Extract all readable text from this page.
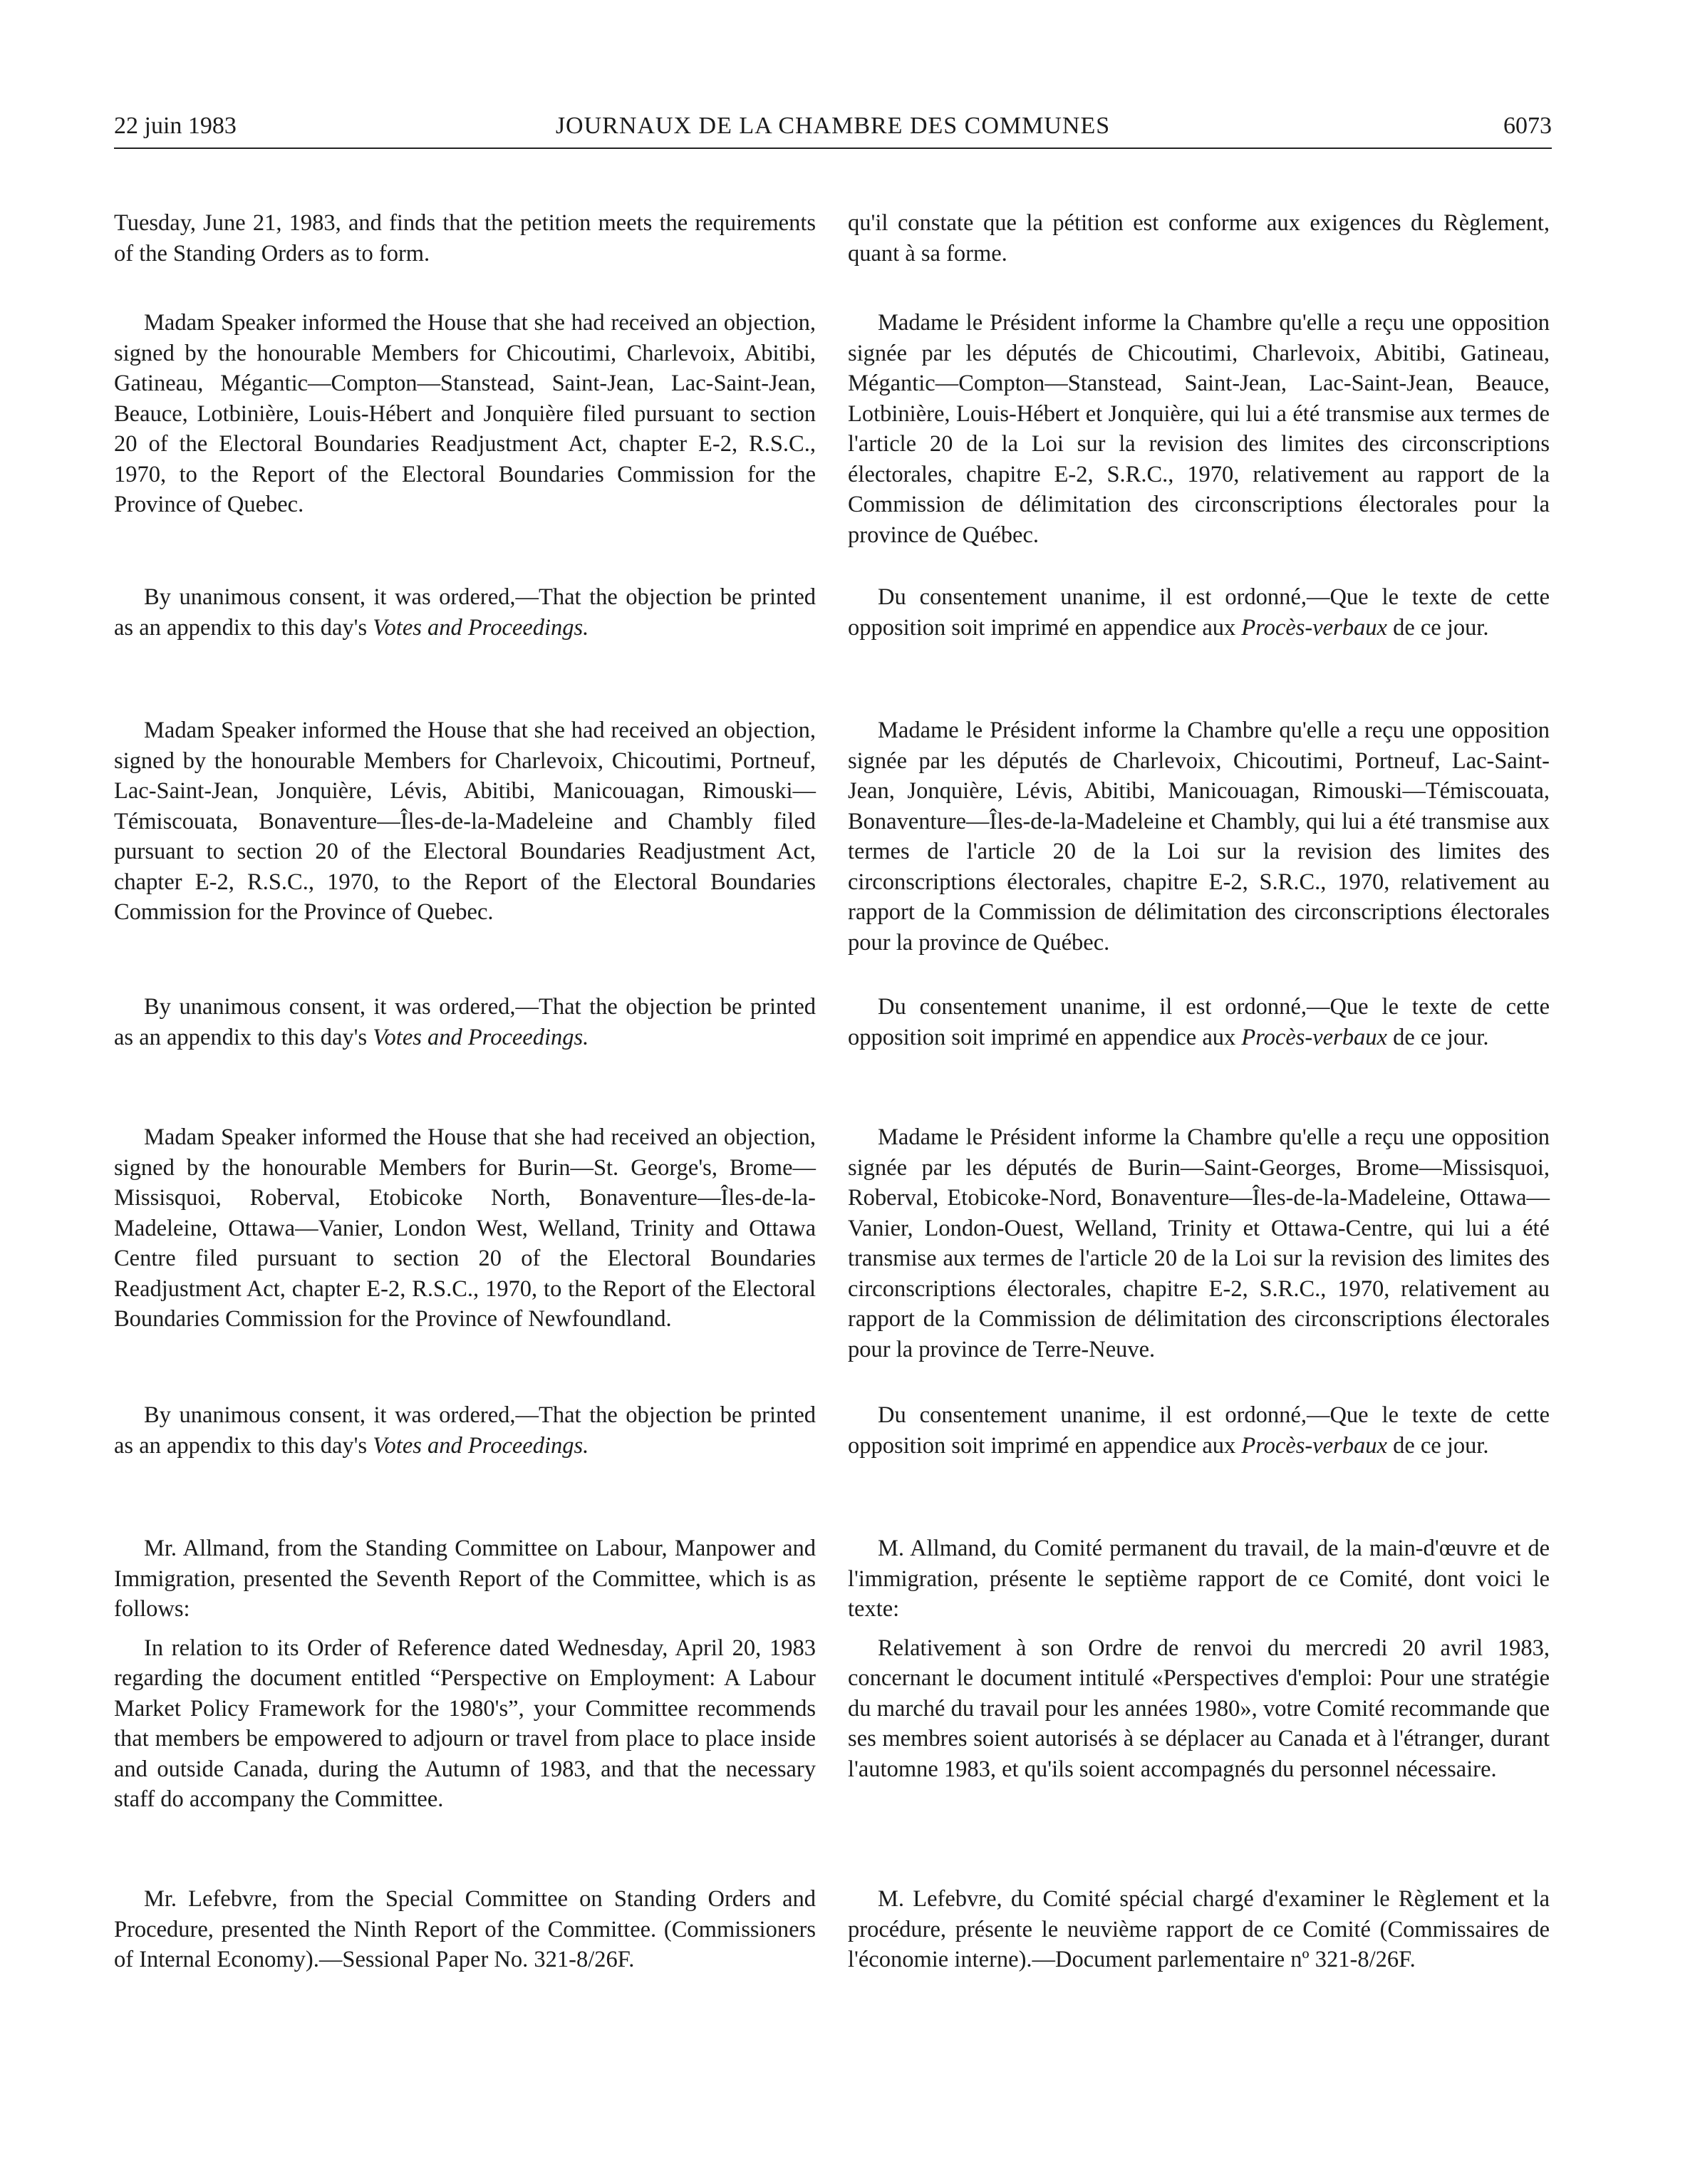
22 juin 1983	JOURNAUX DE LA CHAMBRE DES COMMUNES	6073

Tuesday, June 21, 1983, and finds that the petition meets the requirements of the Standing Orders as to form.

Madam Speaker informed the House that she had received an objection, signed by the honourable Members for Chicoutimi, Charlevoix, Abitibi, Gatineau, Mégantic—Compton—Stanstead, Saint-Jean, Lac-Saint-Jean, Beauce, Lotbinière, Louis-Hébert and Jonquière filed pursuant to section 20 of the Electoral Boundaries Readjustment Act, chapter E-2, R.S.C., 1970, to the Report of the Electoral Boundaries Commission for the Province of Quebec.

By unanimous consent, it was ordered,—That the objection be printed as an appendix to this day's Votes and Proceedings.

Madam Speaker informed the House that she had received an objection, signed by the honourable Members for Charlevoix, Chicoutimi, Portneuf, Lac-Saint-Jean, Jonquière, Lévis, Abitibi, Manicouagan, Rimouski—Témiscouata, Bonaventure—Îles-de-la-Madeleine and Chambly filed pursuant to section 20 of the Electoral Boundaries Readjustment Act, chapter E-2, R.S.C., 1970, to the Report of the Electoral Boundaries Commission for the Province of Quebec.

By unanimous consent, it was ordered,—That the objection be printed as an appendix to this day's Votes and Proceedings.

Madam Speaker informed the House that she had received an objection, signed by the honourable Members for Burin—St. George's, Brome—Missisquoi, Roberval, Etobicoke North, Bonaventure—Îles-de-la-Madeleine, Ottawa—Vanier, London West, Welland, Trinity and Ottawa Centre filed pursuant to section 20 of the Electoral Boundaries Readjustment Act, chapter E-2, R.S.C., 1970, to the Report of the Electoral Boundaries Commission for the Province of Newfoundland.

By unanimous consent, it was ordered,—That the objection be printed as an appendix to this day's Votes and Proceedings.

Mr. Allmand, from the Standing Committee on Labour, Manpower and Immigration, presented the Seventh Report of the Committee, which is as follows:

In relation to its Order of Reference dated Wednesday, April 20, 1983 regarding the document entitled “Perspective on Employment: A Labour Market Policy Framework for the 1980's”, your Committee recommends that members be empowered to adjourn or travel from place to place inside and outside Canada, during the Autumn of 1983, and that the necessary staff do accompany the Committee.

Mr. Lefebvre, from the Special Committee on Standing Orders and Procedure, presented the Ninth Report of the Committee. (Commissioners of Internal Economy).—Sessional Paper No. 321-8/26F.

qu'il constate que la pétition est conforme aux exigences du Règlement, quant à sa forme.

Madame le Président informe la Chambre qu'elle a reçu une opposition signée par les députés de Chicoutimi, Charlevoix, Abitibi, Gatineau, Mégantic—Compton—Stanstead, Saint-Jean, Lac-Saint-Jean, Beauce, Lotbinière, Louis-Hébert et Jonquière, qui lui a été transmise aux termes de l'article 20 de la Loi sur la revision des limites des circonscriptions électorales, chapitre E-2, S.R.C., 1970, relativement au rapport de la Commission de délimitation des circonscriptions électorales pour la province de Québec.

Du consentement unanime, il est ordonné,—Que le texte de cette opposition soit imprimé en appendice aux Procès-verbaux de ce jour.

Madame le Président informe la Chambre qu'elle a reçu une opposition signée par les députés de Charlevoix, Chicoutimi, Portneuf, Lac-Saint-Jean, Jonquière, Lévis, Abitibi, Manicouagan, Rimouski—Témiscouata, Bonaventure—Îles-de-la-Madeleine et Chambly, qui lui a été transmise aux termes de l'article 20 de la Loi sur la revision des limites des circonscriptions électorales, chapitre E-2, S.R.C., 1970, relativement au rapport de la Commission de délimitation des circonscriptions électorales pour la province de Québec.

Du consentement unanime, il est ordonné,—Que le texte de cette opposition soit imprimé en appendice aux Procès-verbaux de ce jour.

Madame le Président informe la Chambre qu'elle a reçu une opposition signée par les députés de Burin—Saint-Georges, Brome—Missisquoi, Roberval, Etobicoke-Nord, Bonaventure—Îles-de-la-Madeleine, Ottawa—Vanier, London-Ouest, Welland, Trinity et Ottawa-Centre, qui lui a été transmise aux termes de l'article 20 de la Loi sur la revision des limites des circonscriptions électorales, chapitre E-2, S.R.C., 1970, relativement au rapport de la Commission de délimitation des circonscriptions électorales pour la province de Terre-Neuve.

Du consentement unanime, il est ordonné,—Que le texte de cette opposition soit imprimé en appendice aux Procès-verbaux de ce jour.

M. Allmand, du Comité permanent du travail, de la main-d'œuvre et de l'immigration, présente le septième rapport de ce Comité, dont voici le texte:

Relativement à son Ordre de renvoi du mercredi 20 avril 1983, concernant le document intitulé «Perspectives d'emploi: Pour une stratégie du marché du travail pour les années 1980», votre Comité recommande que ses membres soient autorisés à se déplacer au Canada et à l'étranger, durant l'automne 1983, et qu'ils soient accompagnés du personnel nécessaire.

M. Lefebvre, du Comité spécial chargé d'examiner le Règlement et la procédure, présente le neuvième rapport de ce Comité (Commissaires de l'économie interne).—Document parlementaire nº 321-8/26F.
